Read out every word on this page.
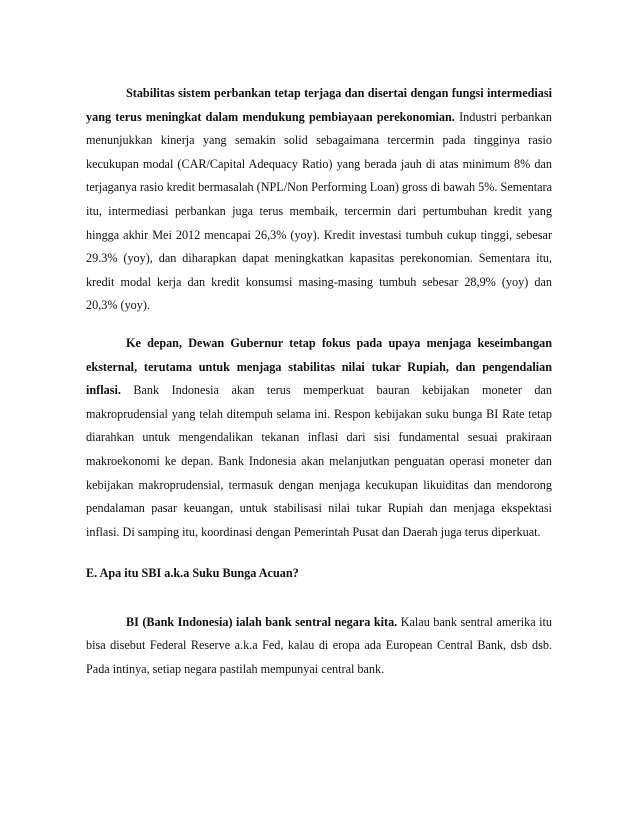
Stabilitas sistem perbankan tetap terjaga dan disertai dengan fungsi intermediasi yang terus meningkat dalam mendukung pembiayaan perekonomian. Industri perbankan menunjukkan kinerja yang semakin solid sebagaimana tercermin pada tingginya rasio kecukupan modal (CAR/Capital Adequacy Ratio) yang berada jauh di atas minimum 8% dan terjaganya rasio kredit bermasalah (NPL/Non Performing Loan) gross di bawah 5%. Sementara itu, intermediasi perbankan juga terus membaik, tercermin dari pertumbuhan kredit yang hingga akhir Mei 2012 mencapai 26,3% (yoy). Kredit investasi tumbuh cukup tinggi, sebesar 29.3% (yoy), dan diharapkan dapat meningkatkan kapasitas perekonomian. Sementara itu, kredit modal kerja dan kredit konsumsi masing-masing tumbuh sebesar 28,9% (yoy) dan 20,3% (yoy).

Ke depan, Dewan Gubernur tetap fokus pada upaya menjaga keseimbangan eksternal, terutama untuk menjaga stabilitas nilai tukar Rupiah, dan pengendalian inflasi. Bank Indonesia akan terus memperkuat bauran kebijakan moneter dan makroprudensial yang telah ditempuh selama ini. Respon kebijakan suku bunga BI Rate tetap diarahkan untuk mengendalikan tekanan inflasi dari sisi fundamental sesuai prakiraan makroekonomi ke depan. Bank Indonesia akan melanjutkan penguatan operasi moneter dan kebijakan makroprudensial, termasuk dengan menjaga kecukupan likuiditas dan mendorong pendalaman pasar keuangan, untuk stabilisasi nilai tukar Rupiah dan menjaga ekspektasi inflasi. Di samping itu, koordinasi dengan Pemerintah Pusat dan Daerah juga terus diperkuat.

E. Apa itu SBI a.k.a Suku Bunga Acuan?

BI (Bank Indonesia) ialah bank sentral negara kita. Kalau bank sentral amerika itu bisa disebut Federal Reserve a.k.a Fed, kalau di eropa ada European Central Bank, dsb dsb. Pada intinya, setiap negara pastilah mempunyai central bank.
